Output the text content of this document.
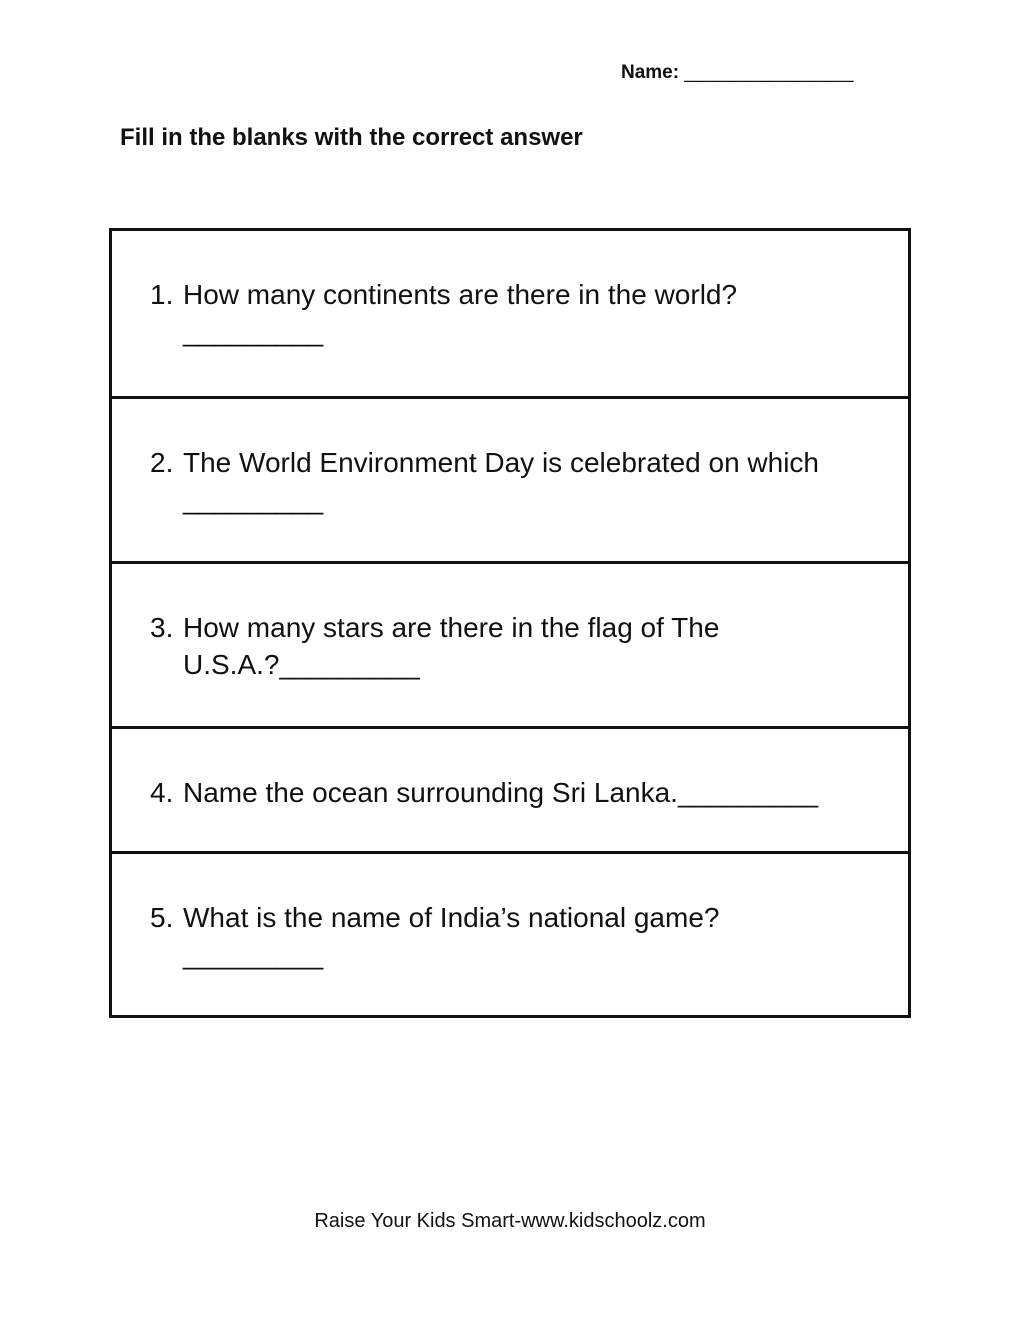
Name: ________________
Fill in the blanks with the correct answer
1. How many continents are there in the world?
_________
2. The World Environment Day is celebrated on which
_________
3. How many stars are there in the flag of The
U.S.A.?_________
4. Name the ocean surrounding Sri Lanka._________
5. What is the name of India’s national game?
_________
Raise Your Kids Smart-www.kidschoolz.com
